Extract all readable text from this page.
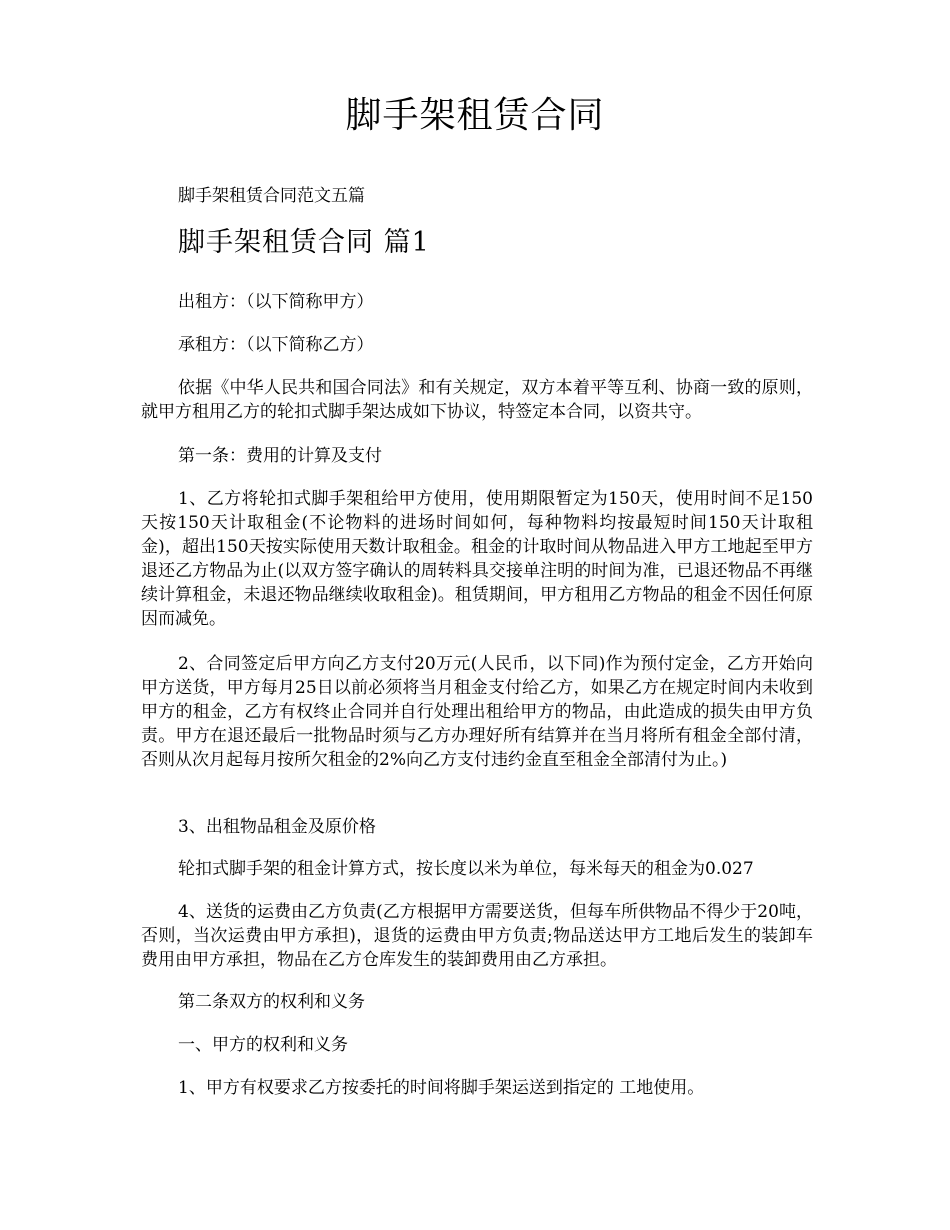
脚手架租赁合同
脚手架租赁合同范文五篇
脚手架租赁合同 篇1

出租方：（以下简称甲方）

承租方：（以下简称乙方）

依据《中华人民共和国合同法》和有关规定，双方本着平等互利、协商一致的原则，就甲方租用乙方的轮扣式脚手架达成如下协议，特签定本合同，以资共守。

第一条：费用的计算及支付

1、乙方将轮扣式脚手架租给甲方使用，使用期限暂定为150天，使用时间不足150天按150天计取租金(不论物料的进场时间如何，每种物料均按最短时间150天计取租金)，超出150天按实际使用天数计取租金。租金的计取时间从物品进入甲方工地起至甲方退还乙方物品为止(以双方签字确认的周转料具交接单注明的时间为准，已退还物品不再继续计算租金，未退还物品继续收取租金)。租赁期间，甲方租用乙方物品的租金不因任何原因而减免。

2、合同签定后甲方向乙方支付20万元(人民币，以下同)作为预付定金，乙方开始向甲方送货，甲方每月25日以前必须将当月租金支付给乙方，如果乙方在规定时间内未收到甲方的租金，乙方有权终止合同并自行处理出租给甲方的物品，由此造成的损失由甲方负责。甲方在退还最后一批物品时须与乙方办理好所有结算并在当月将所有租金全部付清，否则从次月起每月按所欠租金的2%向乙方支付违约金直至租金全部清付为止。)

3、出租物品租金及原价格

轮扣式脚手架的租金计算方式，按长度以米为单位，每米每天的租金为0.027

4、送货的运费由乙方负责(乙方根据甲方需要送货，但每车所供物品不得少于20吨，否则，当次运费由甲方承担)，退货的运费由甲方负责;物品送达甲方工地后发生的装卸车费用由甲方承担，物品在乙方仓库发生的装卸费用由乙方承担。

第二条双方的权利和义务

一、甲方的权利和义务

1、甲方有权要求乙方按委托的时间将脚手架运送到指定的 工地使用。
